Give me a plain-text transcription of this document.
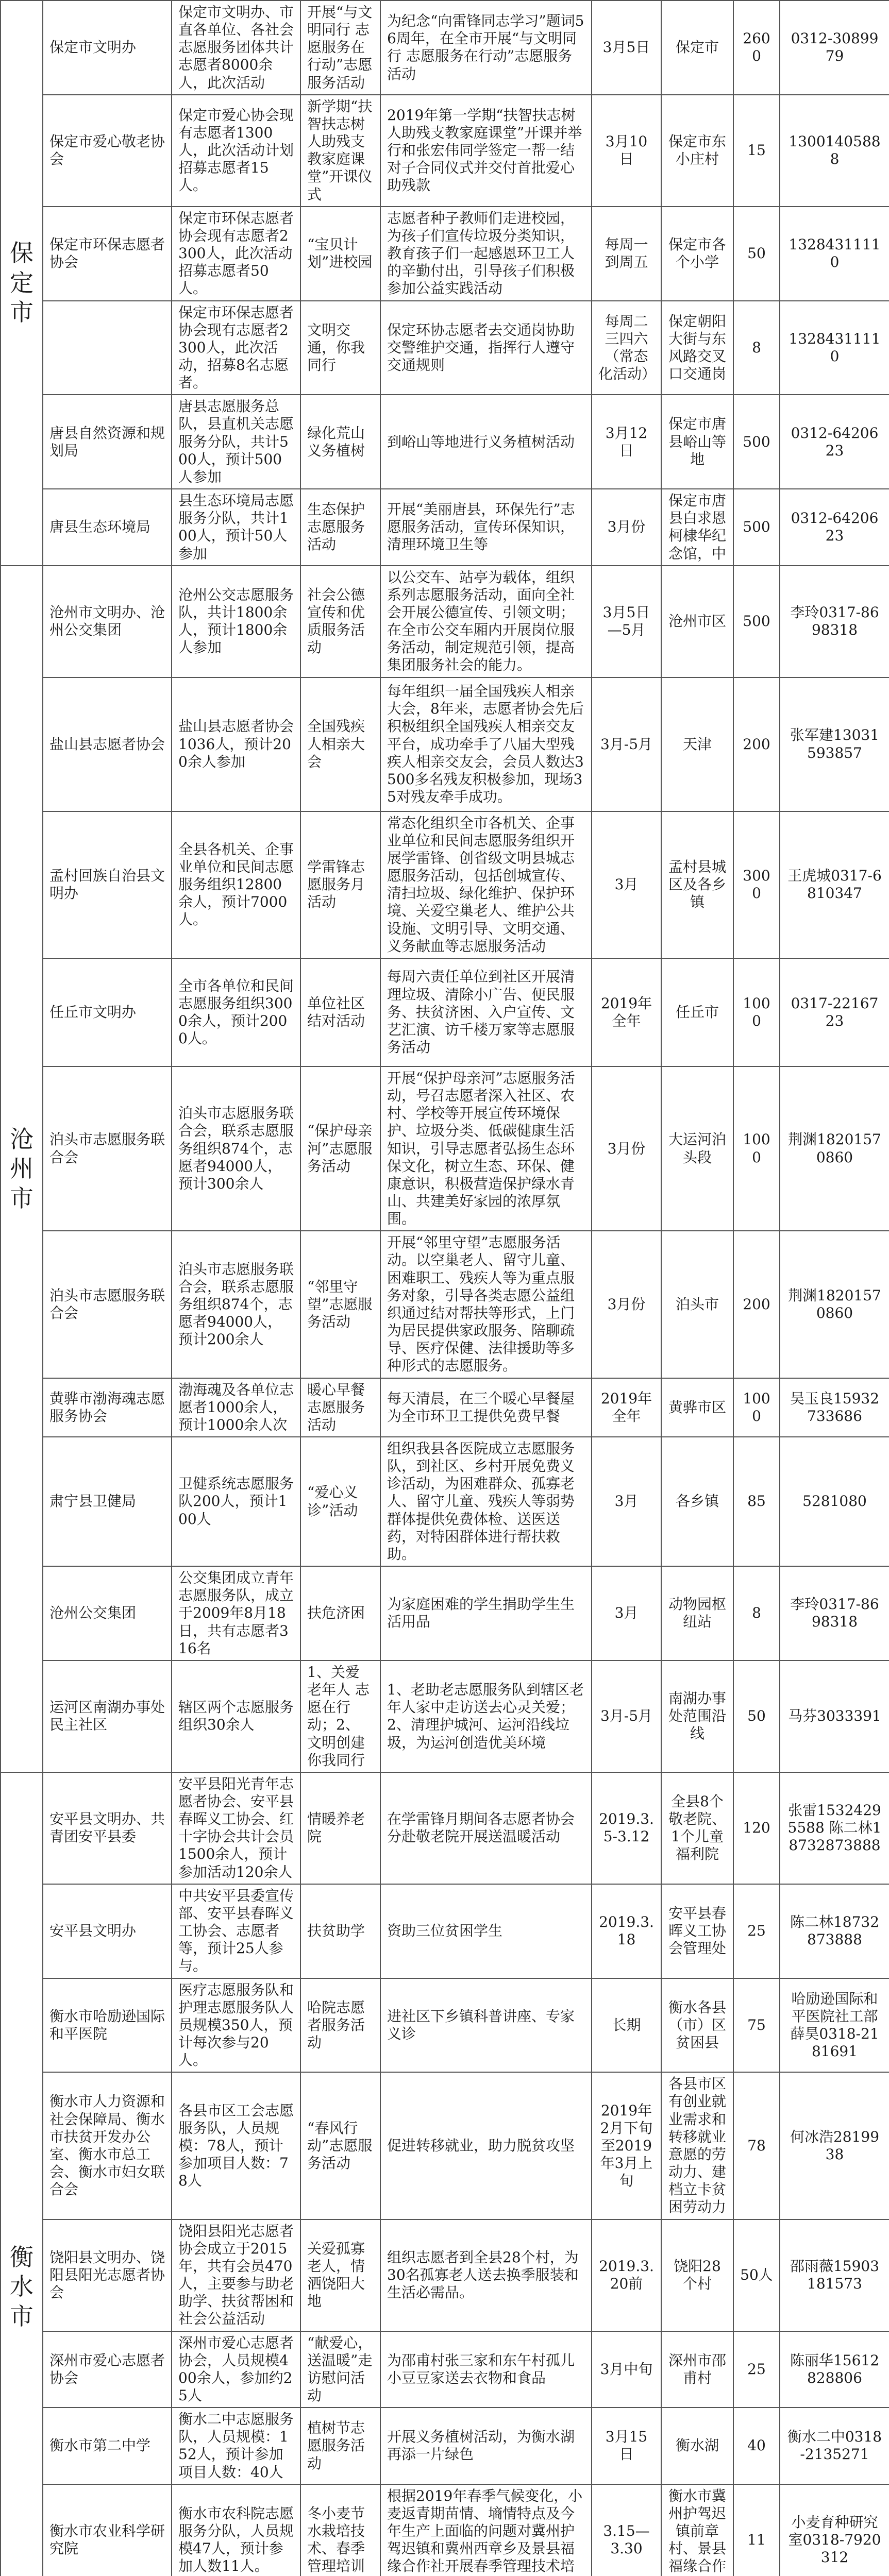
保定市	保定市文明办	保定市文明办、市直各单位、各社会志愿服务团体共计志愿者8000余人，此次活动	开展“与文明同行 志愿服务在行动”志愿服务活动	为纪念“向雷锋同志学习”题词56周年，在全市开展“与文明同行 志愿服务在行动”志愿服务活动	3月5日	保定市	2600	0312-3089979
	保定市爱心敬老协会	保定市爱心协会现有志愿者1300人，此次活动计划招募志愿者15人。	新学期“扶智扶志树人助残支教家庭课堂”开课仪式	2019年第一学期“扶智扶志树人助残支教家庭课堂”开课并举行和张宏伟同学签定一帮一结对子合同仪式并交付首批爱心助残款	3月10日	保定市东小庄村	15	13001405888
	保定市环保志愿者协会	保定市环保志愿者协会现有志愿者2300人，此次活动招募志愿者50人。	“宝贝计划”进校园	志愿者种子教师们走进校园，为孩子们宣传垃圾分类知识，教育孩子们一起感恩环卫工人的辛勤付出，引导孩子们积极参加公益实践活动	每周一到周五	保定市各个小学	50	13284311110
		保定市环保志愿者协会现有志愿者2300人，此次活动，招募8名志愿者。	文明交通，你我同行	保定环协志愿者去交通岗协助交警维护交通，指挥行人遵守交通规则	每周二三四六（常态化活动）	保定朝阳大街与东风路交叉口交通岗	8	13284311110
	唐县自然资源和规划局	唐县志愿服务总队，县直机关志愿服务分队，共计500人，预计500人参加	绿化荒山义务植树	到峪山等地进行义务植树活动	3月12日	保定市唐县峪山等地	500	0312-6420623
	唐县生态环境局	县生态环境局志愿服务分队，共计100人，预计50人参加	生态保护志愿服务活动	开展“美丽唐县，环保先行”志愿服务活动，宣传环保知识，清理环境卫生等	3月份	保定市唐县白求恩柯棣华纪念馆，中	500	0312-6420623
沧州市	沧州市文明办、沧州公交集团	沧州公交志愿服务队，共计1800余人，预计1800余人参加	社会公德宣传和优质服务活动	以公交车、站亭为载体，组织系列志愿服务活动，面向全社会开展公德宣传、引领文明；在全市公交车厢内开展岗位服务活动，制定规范引领，提高集团服务社会的能力。	3月5日—5月	沧州市区	500	李玲0317-8698318
	盐山县志愿者协会	盐山县志愿者协会1036人，预计200余人参加	全国残疾人相亲大会	每年组织一届全国残疾人相亲大会，8年来，志愿者协会先后积极组织全国残疾人相亲交友平台，成功牵手了八届大型残疾人相亲交友会，会员人数达3500多名残友积极参加，现场35对残友牵手成功。	3月-5月	天津	200	张军建13031593857
	孟村回族自治县文明办	全县各机关、企事业单位和民间志愿服务组织12800余人，预计7000人。	学雷锋志愿服务月活动	常态化组织全市各机关、企事业单位和民间志愿服务组织开展学雷锋、创省级文明县城志愿服务活动，包括创城宣传、清扫垃圾、绿化维护、保护环境、关爱空巢老人、维护公共设施、文明引导、文明交通、义务献血等志愿服务活动	3月	孟村县城区及各乡镇	3000	王虎城0317-6810347
	任丘市文明办	全市各单位和民间志愿服务组织3000余人，预计2000人。	单位社区结对活动	每周六责任单位到社区开展清理垃圾、清除小广告、便民服务、扶贫济困、入户宣传、文艺汇演、访千楼万家等志愿服务活动	2019年全年	任丘市	1000	0317-2216723
	泊头市志愿服务联合会	泊头市志愿服务联合会，联系志愿服务组织874个，志愿者94000人，预计300余人	“保护母亲河”志愿服务活动	开展“保护母亲河”志愿服务活动，号召志愿者深入社区、农村、学校等开展宣传环境保护、垃圾分类、低碳健康生活知识，引导志愿者弘扬生态环保文化，树立生态、环保、健康意识，积极营造保护绿水青山、共建美好家园的浓厚氛围。	3月份	大运河泊头段	1000	荆渊18201570860
	泊头市志愿服务联合会	泊头市志愿服务联合会，联系志愿服务组织874个，志愿者94000人，预计200余人	“邻里守望”志愿服务活动	开展“邻里守望”志愿服务活动。以空巢老人、留守儿童、困难职工、残疾人等为重点服务对象，引导各类志愿公益组织通过结对帮扶等形式，上门为居民提供家政服务、陪聊疏导、医疗保健、法律援助等多种形式的志愿服务。	3月份	泊头市	200	荆渊18201570860
	黄骅市渤海魂志愿服务协会	渤海魂及各单位志愿者1000余人，预计1000余人次	暖心早餐志愿服务活动	每天清晨，在三个暖心早餐屋为全市环卫工提供免费早餐	2019年全年	黄骅市区	1000	吴玉良15932733686
	肃宁县卫健局	卫健系统志愿服务队200人，预计100人	“爱心义诊”活动	组织我县各医院成立志愿服务队，到社区、乡村开展免费义诊活动，为困难群众、孤寡老人、留守儿童、残疾人等弱势群体提供免费体检、送医送药，对特困群体进行帮扶救助。	3月	各乡镇	85	5281080
	沧州公交集团	公交集团成立青年志愿服务队，成立于2009年8月18日，共有志愿者316名	扶危济困	为家庭困难的学生捐助学生生活用品	3月	动物园枢纽站	8	李玲0317-8698318
	运河区南湖办事处民主社区	辖区两个志愿服务组织30余人	1、关爱老年人 志愿在行动；2、文明创建你我同行	1、老助老志愿服务队到辖区老年人家中走访送去心灵关爱；2、清理护城河、运河沿线垃圾，为运河创造优美环境	3月-5月	南湖办事处范围沿线	50	马芬3033391
衡水市	安平县文明办、共青团安平县委	安平县阳光青年志愿者协会、安平县春晖义工协会、红十字协会共计会员1500余人，预计参加活动120余人	情暖养老院	在学雷锋月期间各志愿者协会分赴敬老院开展送温暖活动	2019.3.5-3.12	全县8个敬老院、1个儿童福利院	120	张雷15324295588 陈二林18732873888
	安平县文明办	中共安平县委宣传部、安平县春晖义工协会、志愿者等，预计25人参与。	扶贫助学	资助三位贫困学生	2019.3.18	安平县春晖义工协会管理处	25	陈二林18732873888
	衡水市哈励逊国际和平医院	医疗志愿服务队和护理志愿服务队人员规模350人，预计每次参与20人。	哈院志愿者服务活动	进社区下乡镇科普讲座、专家义诊	长期	衡水各县（市）区贫困县	75	哈励逊国际和平医院社工部 薛昊0318-2181691
	衡水市人力资源和社会保障局、衡水市扶贫开发办公室、衡水市总工会、衡水市妇女联合会	各县市区工会志愿服务队，人员规模：78人，预计参加项目人数：78人	“春风行动”志愿服务活动	促进转移就业，助力脱贫攻坚	2019年2月下旬至2019年3月上旬	各县市区有创业就业需求和转移就业意愿的劳动力、建档立卡贫困劳动力	78	何冰浩2819938
	饶阳县文明办、饶阳县阳光志愿者协会	饶阳县阳光志愿者协会成立于2015年，共有会员470人，主要参与助老助学、扶贫帮困和社会公益活动	关爱孤寡老人，情洒饶阳大地	组织志愿者到全县28个村，为30名孤寡老人送去换季服装和生活必需品。	2019.3.20前	饶阳28个村	50人	邵雨薇15903181573
	深州市爱心志愿者协会	深州市爱心志愿者协会，人员规模400余人，参加约25人	“献爱心，送温暖”走访慰问活动	为邵甫村张三家和东午村孤儿小豆豆家送去衣物和食品	3月中旬	深州市邵甫村	25	陈丽华15612828806
	衡水市第二中学	衡水二中志愿服务队，人员规模：152人，预计参加项目人数：40人	植树节志愿服务活动	开展义务植树活动，为衡水湖再添一片绿色	3月15日	衡水湖	40	衡水二中0318-2135271
	衡水市农业科学研究院	衡水市农科院志愿服务分队，人员规模47人，预计参加人数11人。	冬小麦节水栽培技术、春季管理培训	根据2019年春季气候变化，小麦返青期苗情、墒情特点及今年生产上面临的问题对冀州护驾迟镇和冀州西章乡及景县福缘合作社开展春季管理技术培	3.15—3.30	衡水市冀州护驾迟镇前章村、景县福缘合作	11	小麦育种研究室0318-7920312
